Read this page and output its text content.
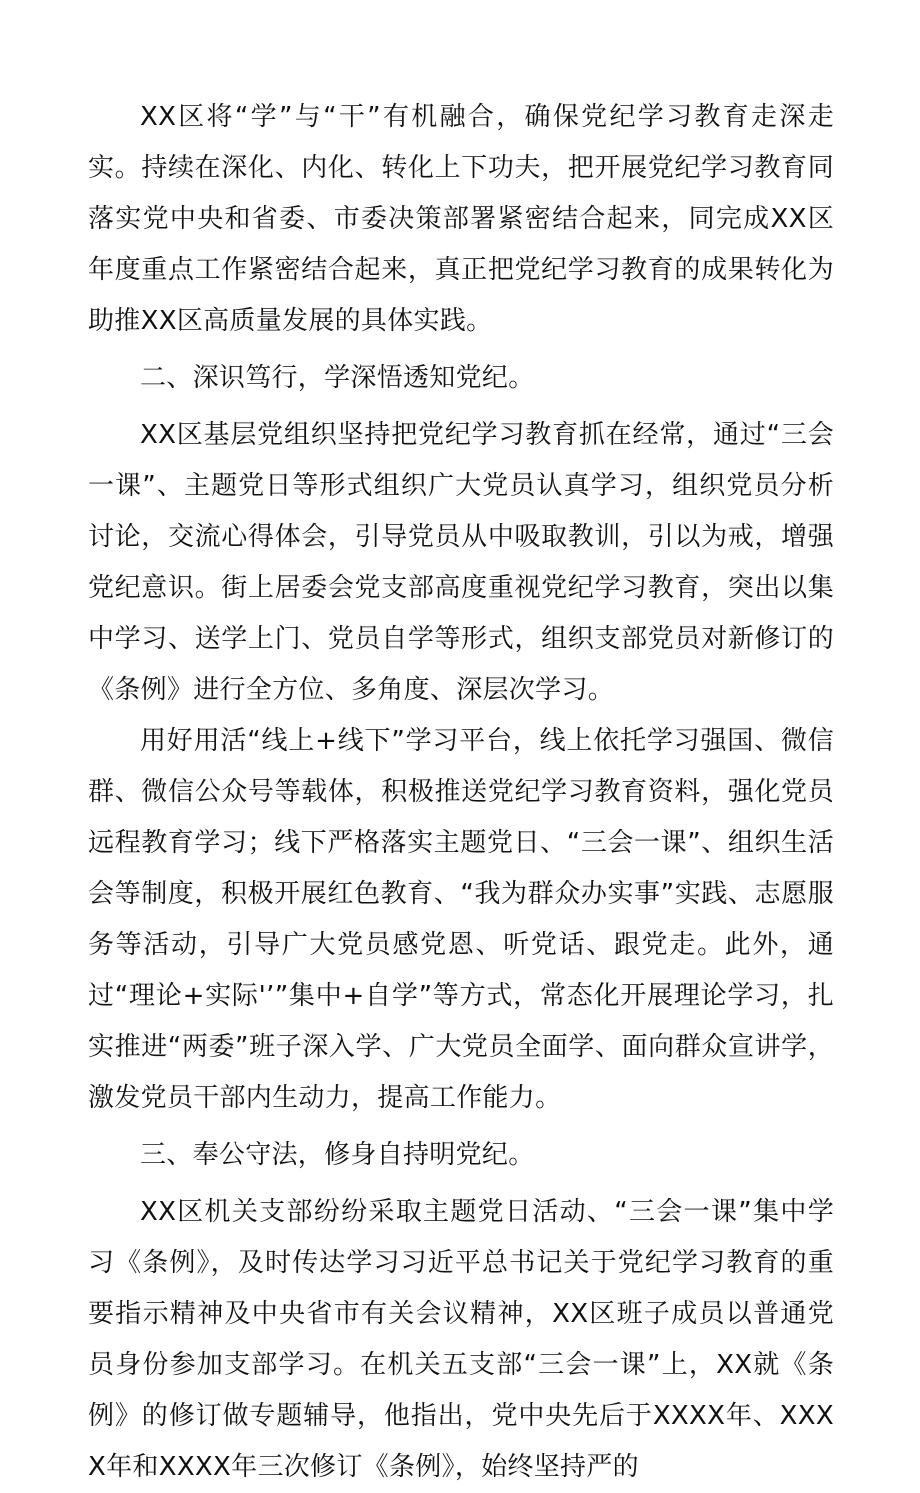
XX区将“学”与“干”有机融合，确保党纪学习教育走深走实。持续在深化、内化、转化上下功夫，把开展党纪学习教育同落实党中央和省委、市委决策部署紧密结合起来，同完成XX区年度重点工作紧密结合起来，真正把党纪学习教育的成果转化为助推XX区高质量发展的具体实践。

二、深识笃行，学深悟透知党纪。

XX区基层党组织坚持把党纪学习教育抓在经常，通过“三会一课”、主题党日等形式组织广大党员认真学习，组织党员分析讨论，交流心得体会，引导党员从中吸取教训，引以为戒，增强党纪意识。街上居委会党支部高度重视党纪学习教育，突出以集中学习、送学上门、党员自学等形式，组织支部党员对新修订的《条例》进行全方位、多角度、深层次学习。

用好用活“线上+线下”学习平台，线上依托学习强国、微信群、微信公众号等载体，积极推送党纪学习教育资料，强化党员远程教育学习；线下严格落实主题党日、“三会一课”、组织生活会等制度，积极开展红色教育、“我为群众办实事”实践、志愿服务等活动，引导广大党员感党恩、听党话、跟党走。此外，通过“理论+实际'’”集中+自学”等方式，常态化开展理论学习，扎实推进“两委”班子深入学、广大党员全面学、面向群众宣讲学，激发党员干部内生动力，提高工作能力。

三、奉公守法，修身自持明党纪。

XX区机关支部纷纷采取主题党日活动、“三会一课”集中学习《条例》，及时传达学习习近平总书记关于党纪学习教育的重要指示精神及中央省市有关会议精神，XX区班子成员以普通党员身份参加支部学习。在机关五支部“三会一课”上，XX就《条例》的修订做专题辅导，他指出，党中央先后于XXXX年、XXXX年和XXXX年三次修订《条例》，始终坚持严的
